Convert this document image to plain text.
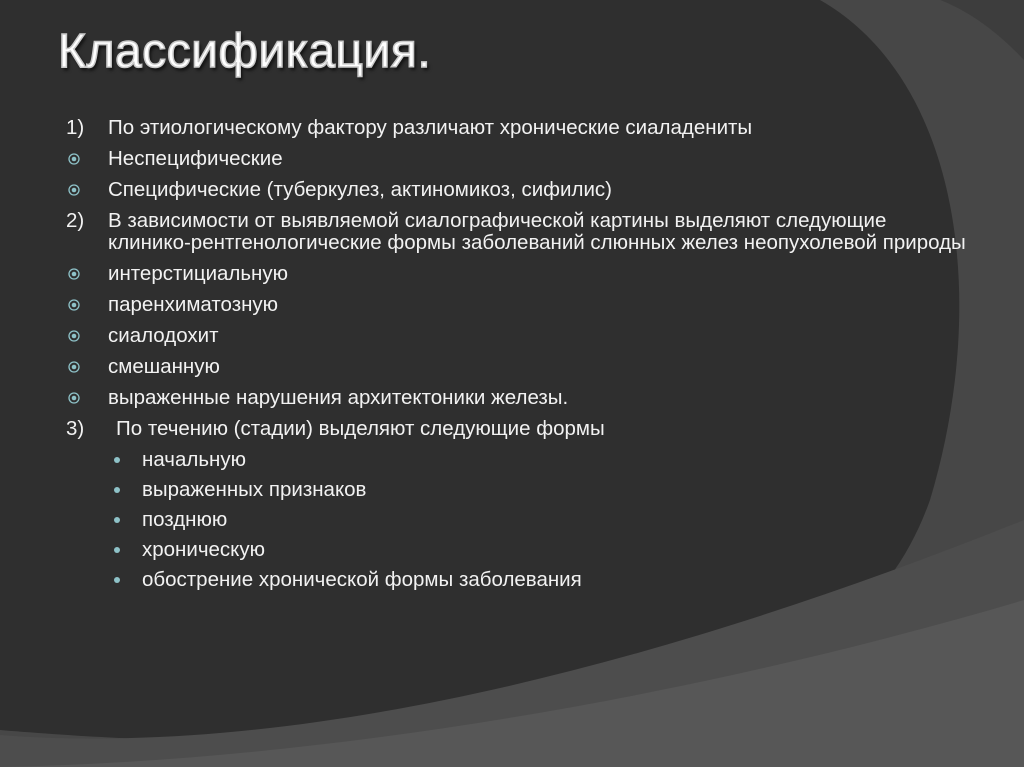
Классификация.
1)	По этиологическому фактору различают хронические сиаладениты
Неспецифические
Специфические (туберкулез, актиномикоз, сифилис)
2)	В зависимости от выявляемой сиалографической картины выделяют следующие клинико-рентгенологические формы заболеваний слюнных желез неопухолевой природы
интерстициальную
паренхиматозную
сиалодохит
смешанную
выраженные нарушения архитектоники железы.
3)	По течению (стадии) выделяют следующие формы
начальную
выраженных признаков
позднюю
хроническую
обострение хронической формы заболевания
